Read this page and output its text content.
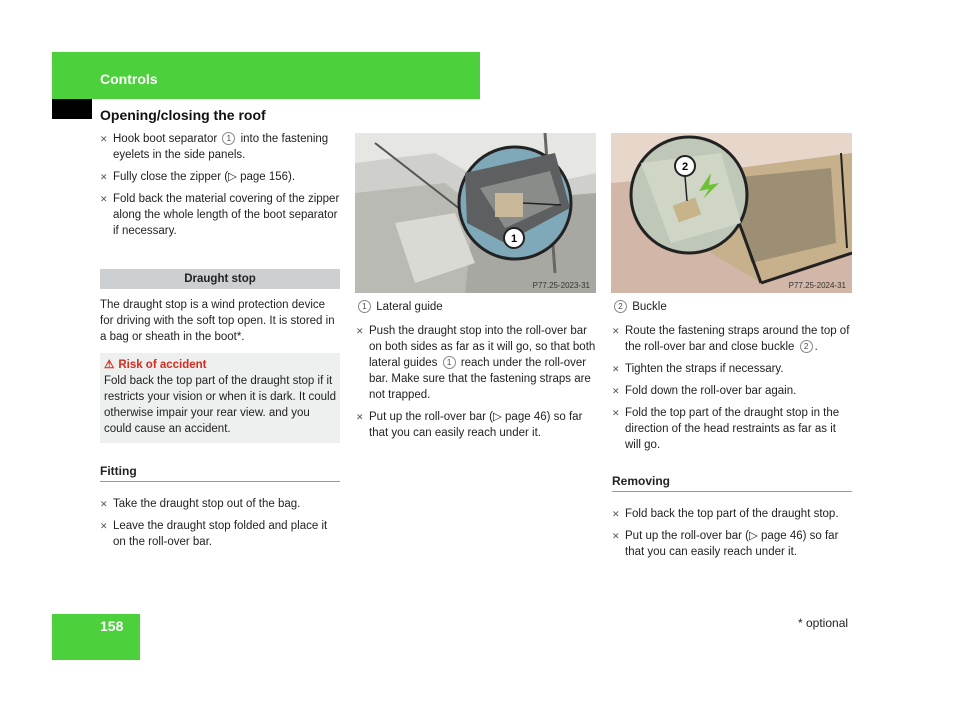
Controls
Opening/closing the roof
✕ Hook boot separator 1 into the fastening eyelets in the side panels.
✕ Fully close the zipper (▷ page 156).
✕ Fold back the material covering of the zipper along the whole length of the boot separator if necessary.
Draught stop
The draught stop is a wind protection device for driving with the soft top open. It is stored in a bag or sheath in the boot*.
⚠ Risk of accident
Fold back the top part of the draught stop if it restricts your vision or when it is dark. It could otherwise impair your rear view. and you could cause an accident.
Fitting
✕ Take the draught stop out of the bag.
✕ Leave the draught stop folded and place it on the roll-over bar.
1
P77.25-2023-31
2
P77.25-2024-31
1 Lateral guide
✕ Push the draught stop into the roll-over bar on both sides as far as it will go, so that both lateral guides 1 reach under the roll-over bar. Make sure that the fastening straps are not trapped.
✕ Put up the roll-over bar (▷ page 46) so far that you can easily reach under it.
2 Buckle
✕ Route the fastening straps around the top of the roll-over bar and close buckle 2 .
✕ Tighten the straps if necessary.
✕ Fold down the roll-over bar again.
✕ Fold the top part of the draught stop in the direction of the head restraints as far as it will go.
Removing
✕ Fold back the top part of the draught stop.
✕ Put up the roll-over bar (▷ page 46) so far that you can easily reach under it.
158	* optional
